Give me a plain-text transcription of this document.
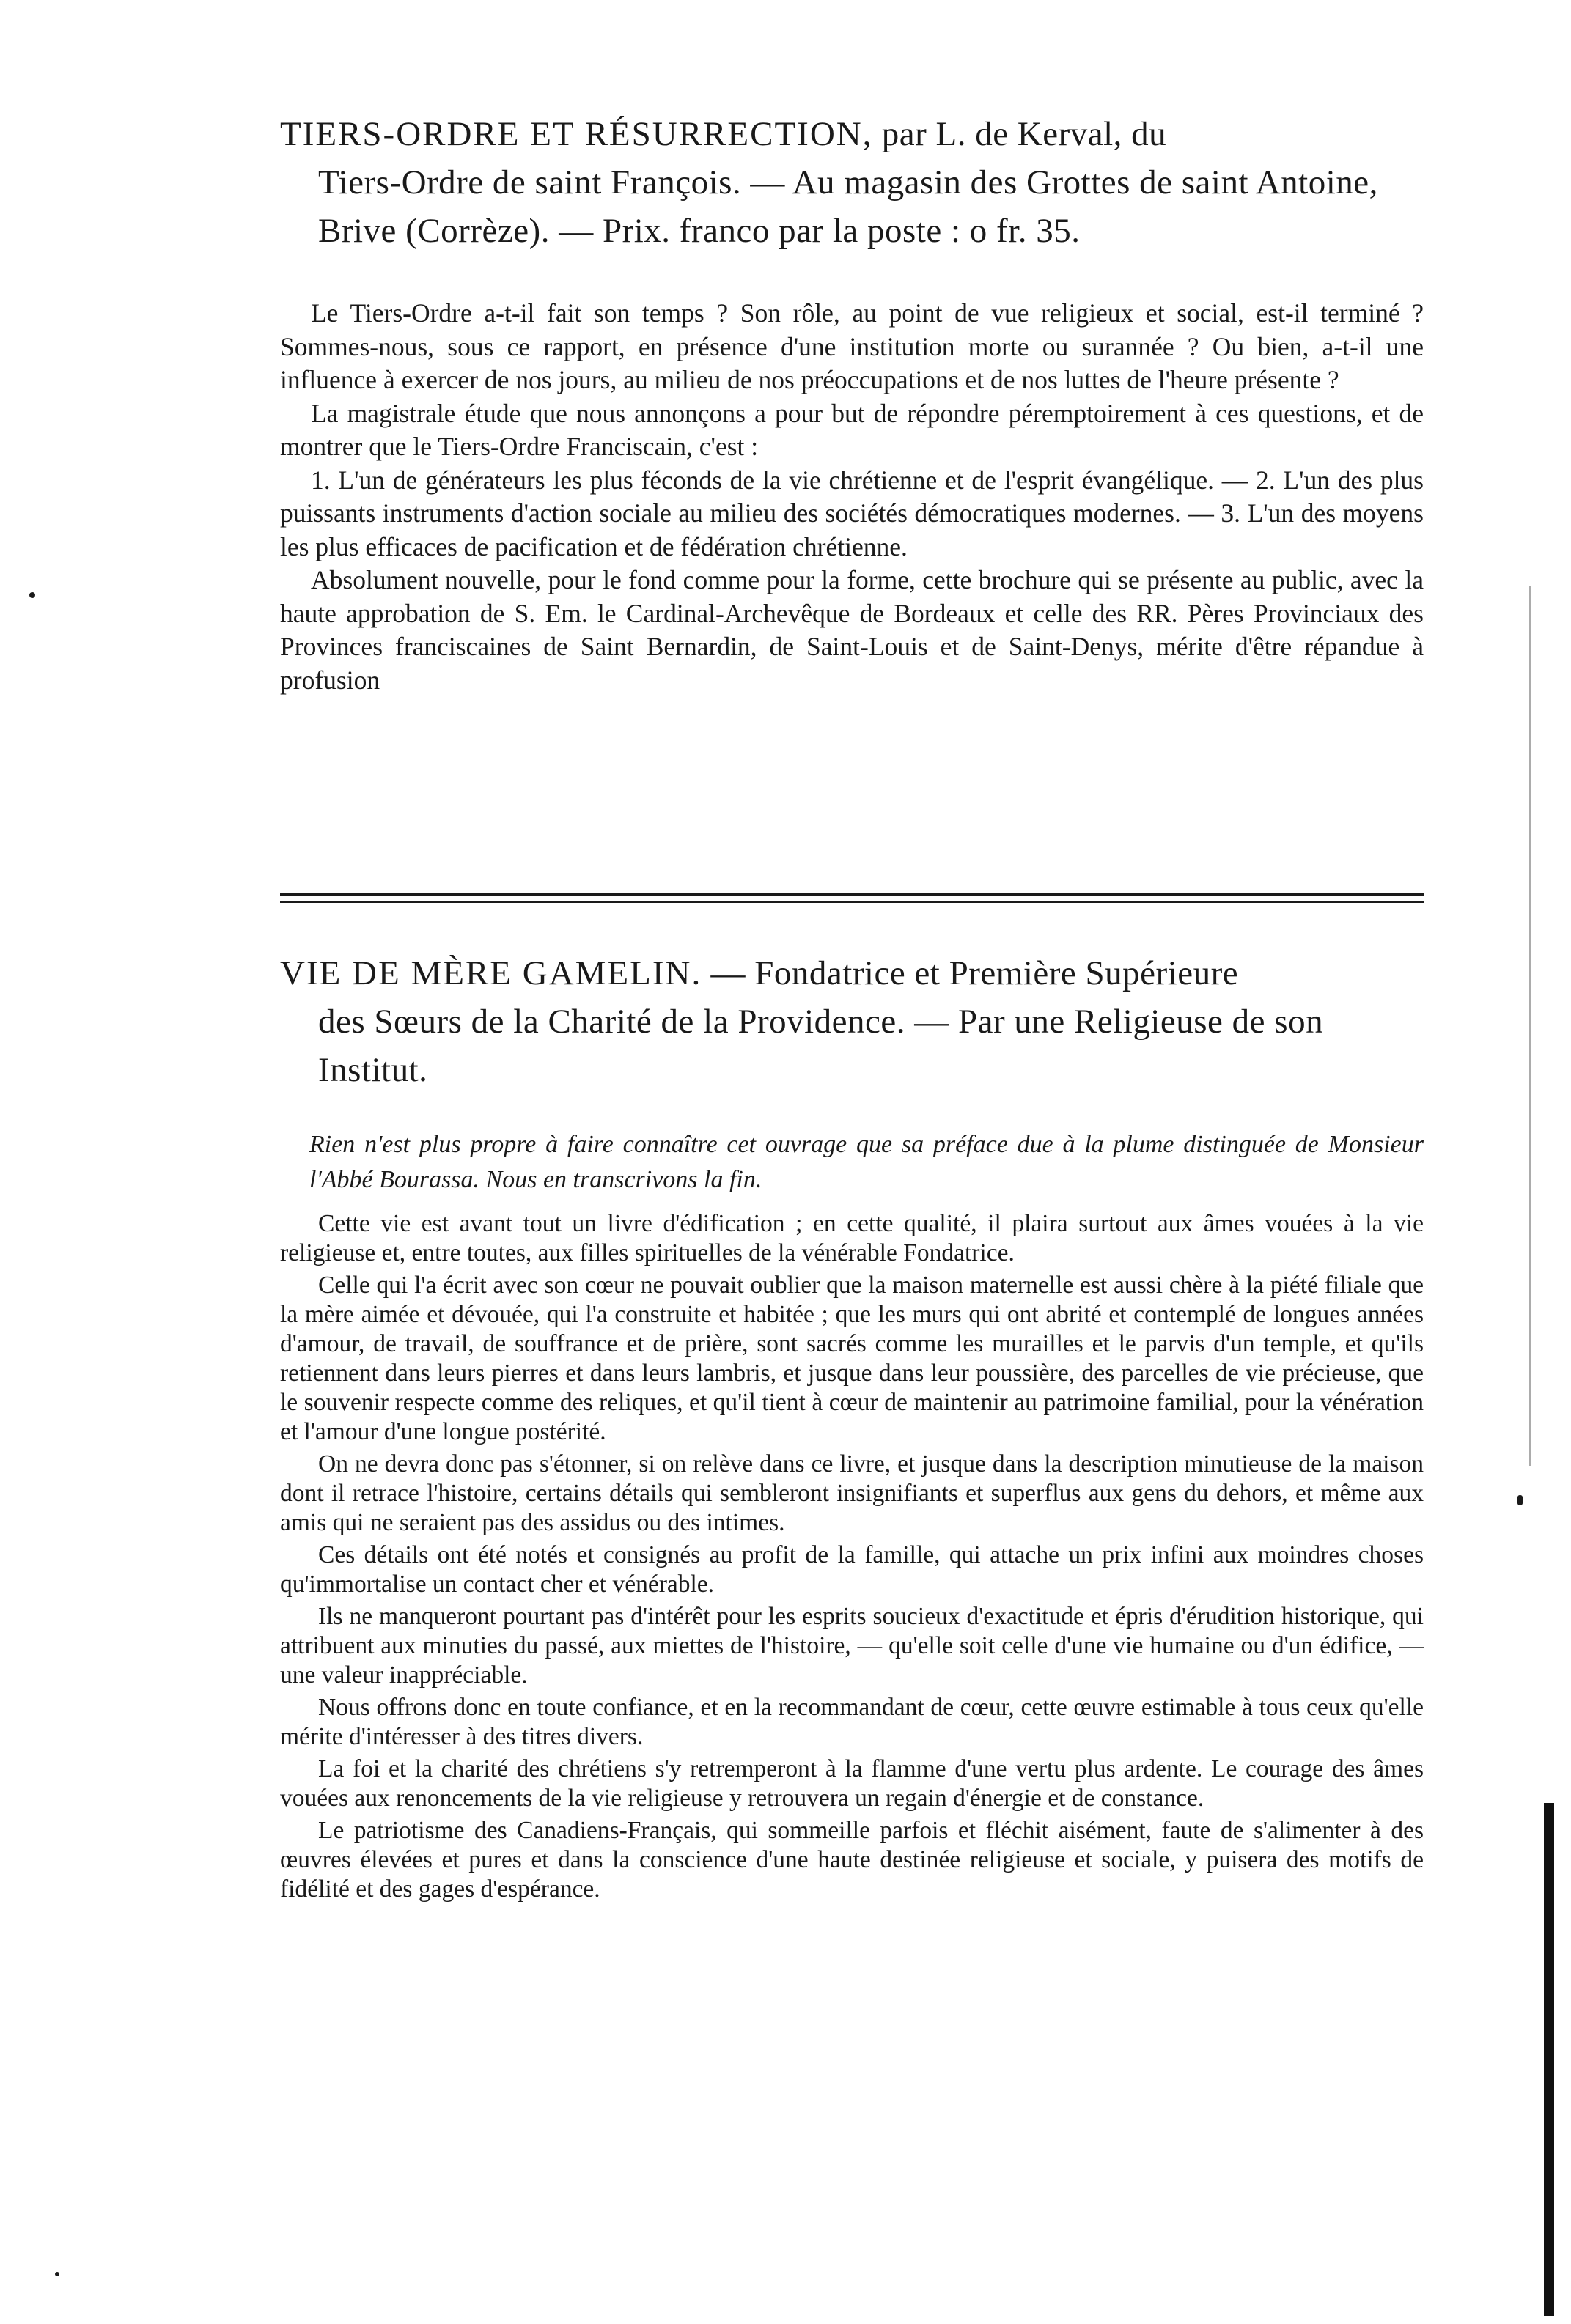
TIERS-ORDRE ET RÉSURRECTION, par L. de Kerval, du
Tiers-Ordre de saint François. — Au magasin des Grottes de saint Antoine, Brive (Corrèze). — Prix. franco par la poste : o fr. 35.

Le Tiers-Ordre a-t-il fait son temps ? Son rôle, au point de vue religieux et social, est-il terminé ? Sommes-nous, sous ce rapport, en présence d'une institution morte ou surannée ? Ou bien, a-t-il une influence à exercer de nos jours, au milieu de nos préoccupations et de nos luttes de l'heure présente ?

La magistrale étude que nous annonçons a pour but de répondre péremptoirement à ces questions, et de montrer que le Tiers-Ordre Franciscain, c'est :

1. L'un de générateurs les plus féconds de la vie chrétienne et de l'esprit évangélique. — 2. L'un des plus puissants instruments d'action sociale au milieu des sociétés démocratiques modernes. — 3. L'un des moyens les plus efficaces de pacification et de fédération chrétienne.

Absolument nouvelle, pour le fond comme pour la forme, cette brochure qui se présente au public, avec la haute approbation de S. Em. le Cardinal-Archevêque de Bordeaux et celle des RR. Pères Provinciaux des Provinces franciscaines de Saint Bernardin, de Saint-Louis et de Saint-Denys, mérite d'être répandue à profusion

VIE DE MÈRE GAMELIN. — Fondatrice et Première Supérieure
des Sœurs de la Charité de la Providence. — Par une Religieuse de son Institut.
Rien n'est plus propre à faire connaître cet ouvrage que sa préface due à la plume distinguée de Monsieur l'Abbé Bourassa. Nous en transcrivons la fin.

Cette vie est avant tout un livre d'édification ; en cette qualité, il plaira surtout aux âmes vouées à la vie religieuse et, entre toutes, aux filles spirituelles de la vénérable Fondatrice.

Celle qui l'a écrit avec son cœur ne pouvait oublier que la maison maternelle est aussi chère à la piété filiale que la mère aimée et dévouée, qui l'a construite et habitée ; que les murs qui ont abrité et contemplé de longues années d'amour, de travail, de souffrance et de prière, sont sacrés comme les murailles et le parvis d'un temple, et qu'ils retiennent dans leurs pierres et dans leurs lambris, et jusque dans leur poussière, des parcelles de vie précieuse, que le souvenir respecte comme des reliques, et qu'il tient à cœur de maintenir au patrimoine familial, pour la vénération et l'amour d'une longue postérité.

On ne devra donc pas s'étonner, si on relève dans ce livre, et jusque dans la description minutieuse de la maison dont il retrace l'histoire, certains détails qui sembleront insignifiants et superflus aux gens du dehors, et même aux amis qui ne seraient pas des assidus ou des intimes.

Ces détails ont été notés et consignés au profit de la famille, qui attache un prix infini aux moindres choses qu'immortalise un contact cher et vénérable.

Ils ne manqueront pourtant pas d'intérêt pour les esprits soucieux d'exactitude et épris d'érudition historique, qui attribuent aux minuties du passé, aux miettes de l'histoire, — qu'elle soit celle d'une vie humaine ou d'un édifice, — une valeur inappréciable.

Nous offrons donc en toute confiance, et en la recommandant de cœur, cette œuvre estimable à tous ceux qu'elle mérite d'intéresser à des titres divers.

La foi et la charité des chrétiens s'y retremperont à la flamme d'une vertu plus ardente. Le courage des âmes vouées aux renoncements de la vie religieuse y retrouvera un regain d'énergie et de constance.

Le patriotisme des Canadiens-Français, qui sommeille parfois et fléchit aisément, faute de s'alimenter à des œuvres élevées et pures et dans la conscience d'une haute destinée religieuse et sociale, y puisera des motifs de fidélité et des gages d'espérance.
